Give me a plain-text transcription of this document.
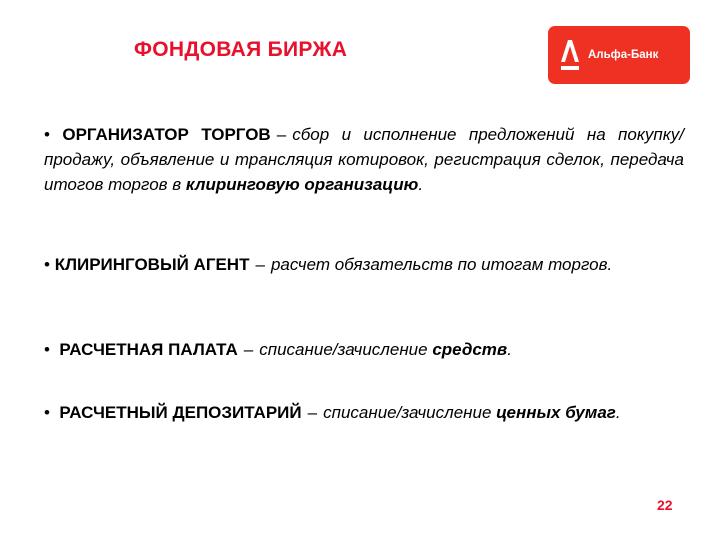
ФОНДОВАЯ БИРЖА	Альфа-Банк
• ОРГАНИЗАТОР ТОРГОВ – сбор и исполнение предложений на покупку/продажу, объявление и трансляция котировок, регистрация сделок, передача итогов торгов в клиринговую организацию.
• КЛИРИНГОВЫЙ АГЕНТ – расчет обязательств по итогам торгов.
• РАСЧЕТНАЯ ПАЛАТА – списание/зачисление средств.
• РАСЧЕТНЫЙ ДЕПОЗИТАРИЙ – списание/зачисление ценных бумаг.
22
